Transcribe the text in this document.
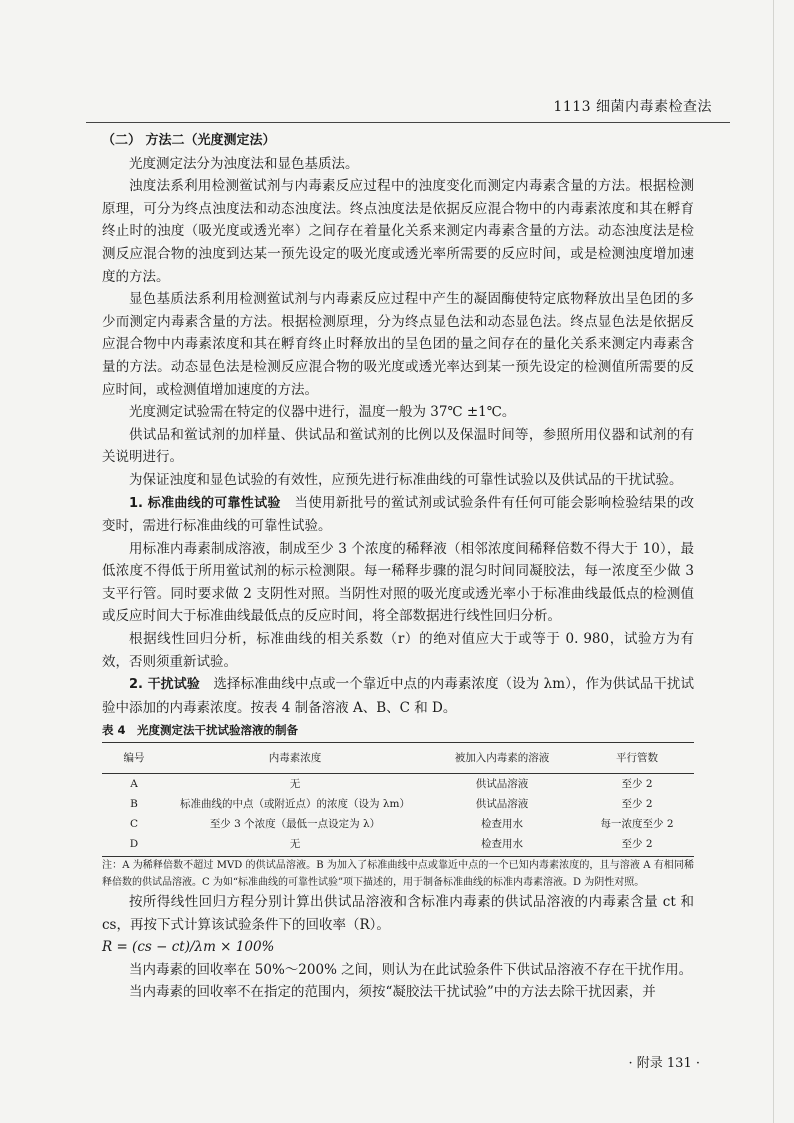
1113 细菌内毒素检查法

（二） 方法二（光度测定法）

光度测定法分为浊度法和显色基质法。

浊度法系利用检测鲎试剂与内毒素反应过程中的浊度变化而测定内毒素含量的方法。根据检测原理，可分为终点浊度法和动态浊度法。终点浊度法是依据反应混合物中的内毒素浓度和其在孵育终止时的浊度（吸光度或透光率）之间存在着量化关系来测定内毒素含量的方法。动态浊度法是检测反应混合物的浊度到达某一预先设定的吸光度或透光率所需要的反应时间，或是检测浊度增加速度的方法。

显色基质法系利用检测鲎试剂与内毒素反应过程中产生的凝固酶使特定底物释放出呈色团的多少而测定内毒素含量的方法。根据检测原理，分为终点显色法和动态显色法。终点显色法是依据反应混合物中内毒素浓度和其在孵育终止时释放出的呈色团的量之间存在的量化关系来测定内毒素含量的方法。动态显色法是检测反应混合物的吸光度或透光率达到某一预先设定的检测值所需要的反应时间，或检测值增加速度的方法。

光度测定试验需在特定的仪器中进行，温度一般为 37℃ ±1℃。

供试品和鲎试剂的加样量、供试品和鲎试剂的比例以及保温时间等，参照所用仪器和试剂的有关说明进行。

为保证浊度和显色试验的有效性，应预先进行标准曲线的可靠性试验以及供试品的干扰试验。

1. 标准曲线的可靠性试验　 当使用新批号的鲎试剂或试验条件有任何可能会影响检验结果的改变时，需进行标准曲线的可靠性试验。

用标准内毒素制成溶液，制成至少 3 个浓度的稀释液（相邻浓度间稀释倍数不得大于 10），最低浓度不得低于所用鲎试剂的标示检测限。每一稀释步骤的混匀时间同凝胶法，每一浓度至少做 3 支平行管。同时要求做 2 支阴性对照。当阴性对照的吸光度或透光率小于标准曲线最低点的检测值或反应时间大于标准曲线最低点的反应时间，将全部数据进行线性回归分析。

根据线性回归分析，标准曲线的相关系数（r）的绝对值应大于或等于 0. 980，试验方为有效，否则须重新试验。

2. 干扰试验　 选择标准曲线中点或一个靠近中点的内毒素浓度（设为 λm），作为供试品干扰试验中添加的内毒素浓度。按表 4 制备溶液 A、B、C 和 D。

表 4　光度测定法干扰试验溶液的制备

编号	内毒素浓度	被加入内毒素的溶液	平行管数
A	无	供试品溶液	至少 2
B	标准曲线的中点（或附近点）的浓度（设为 λm）	供试品溶液	至少 2
C	至少 3 个浓度（最低一点设定为 λ）	检查用水	每一浓度至少 2
D	无	检查用水	至少 2

注：A 为稀释倍数不超过 MVD 的供试品溶液。B 为加入了标准曲线中点或靠近中点的一个已知内毒素浓度的，且与溶液 A 有相同稀释倍数的供试品溶液。C 为如“标准曲线的可靠性试验”项下描述的，用于制备标准曲线的标准内毒素溶液。D 为阴性对照。

按所得线性回归方程分别计算出供试品溶液和含标准内毒素的供试品溶液的内毒素含量 ct 和 cs，再按下式计算该试验条件下的回收率（R）。

R = (cs − ct)/λm × 100%

当内毒素的回收率在 50%～200% 之间，则认为在此试验条件下供试品溶液不存在干扰作用。

当内毒素的回收率不在指定的范围内，须按“凝胶法干扰试验”中的方法去除干扰因素，并

· 附录 131 ·
